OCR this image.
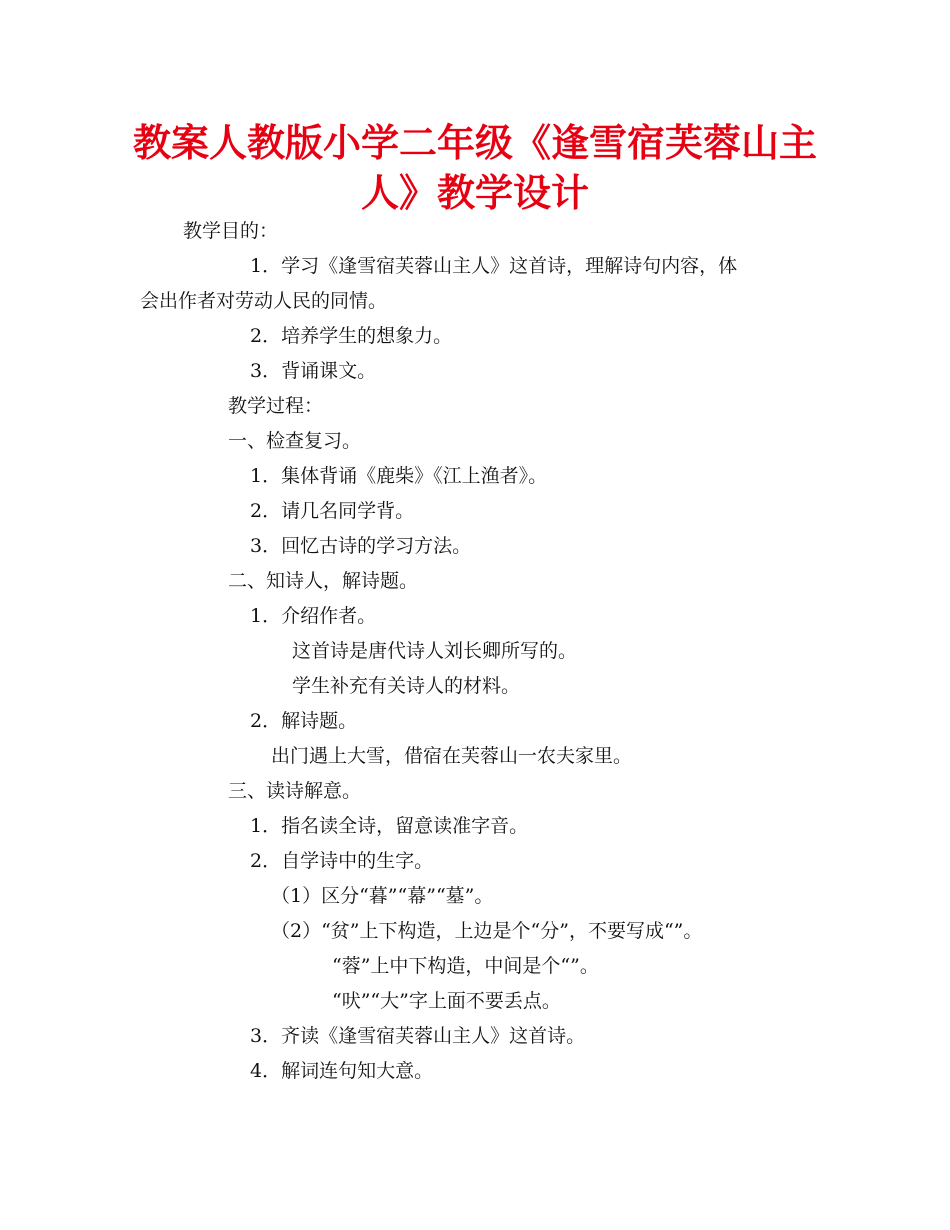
教案人教版小学二年级《逢雪宿芙蓉山主
人》教学设计
教学目的：
1．学习《逢雪宿芙蓉山主人》这首诗，理解诗句内容，体
会出作者对劳动人民的同情。
2．培养学生的想象力。
3．背诵课文。
教学过程：
一、检查复习。
1．集体背诵《鹿柴》《江上渔者》。
2．请几名同学背。
3．回忆古诗的学习方法。
二、知诗人，解诗题。
1．介绍作者。
这首诗是唐代诗人刘长卿所写的。
学生补充有关诗人的材料。
2．解诗题。
出门遇上大雪，借宿在芙蓉山一农夫家里。
三、读诗解意。
1．指名读全诗，留意读准字音。
2．自学诗中的生字。
（1）区分“暮”“幕”“墓”。
（2）“贫”上下构造，上边是个“分”，不要写成“”。
“蓉”上中下构造，中间是个“”。
“吠”“大”字上面不要丢点。
3．齐读《逢雪宿芙蓉山主人》这首诗。
4．解词连句知大意。
